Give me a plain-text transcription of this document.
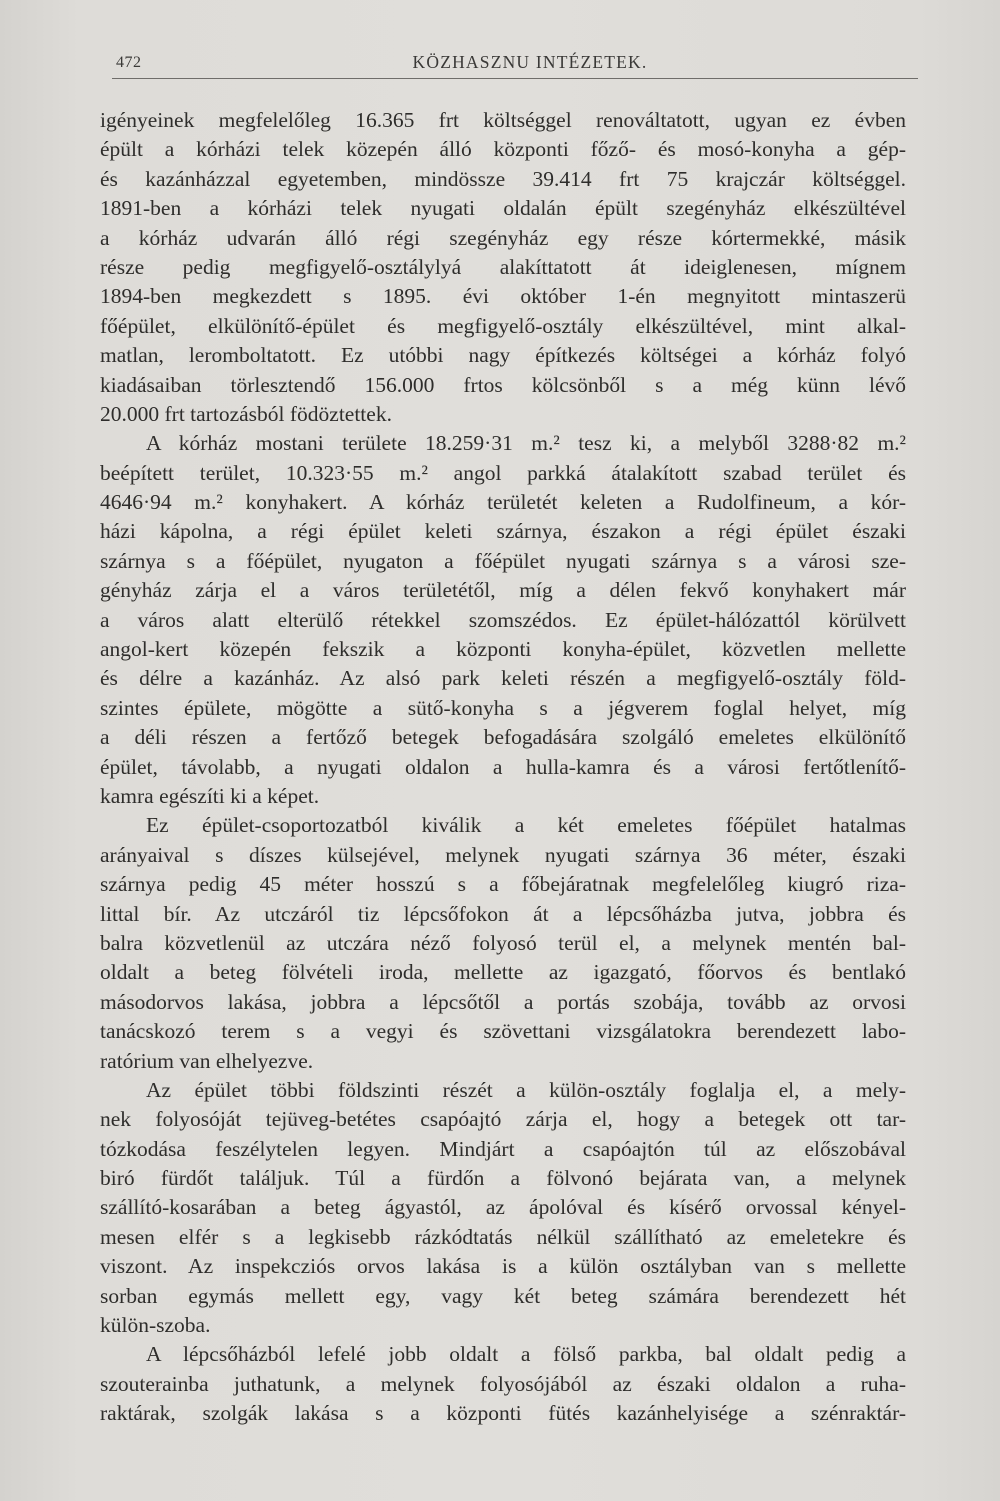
472	KÖZHASZNU INTÉZETEK.
igényeinek megfelelőleg 16.365 frt költséggel renováltatott, ugyan ez évben
épült a kórházi telek közepén álló központi főző- és mosó-konyha a gép-
és kazánházzal egyetemben, mindössze 39.414 frt 75 krajczár költséggel.
1891-ben a kórházi telek nyugati oldalán épült szegényház elkészültével
a kórház udvarán álló régi szegényház egy része kórtermekké, másik
része pedig megfigyelő-osztálylyá alakíttatott át ideiglenesen, mígnem
1894-ben megkezdett s 1895. évi október 1-én megnyitott mintaszerü
főépület, elkülönítő-épület és megfigyelő-osztály elkészültével, mint alkal-
matlan, leromboltatott. Ez utóbbi nagy építkezés költségei a kórház folyó
kiadásaiban törlesztendő 156.000 frtos kölcsönből s a még künn lévő
20.000 frt tartozásból födöztettek.
A kórház mostani területe 18.259·31 m.² tesz ki, a melyből 3288·82 m.²
beépített terület, 10.323·55 m.² angol parkká átalakított szabad terület és
4646·94 m.² konyhakert. A kórház területét keleten a Rudolfineum, a kór-
házi kápolna, a régi épület keleti szárnya, északon a régi épület északi
szárnya s a főépület, nyugaton a főépület nyugati szárnya s a városi sze-
gényház zárja el a város területétől, míg a délen fekvő konyhakert már
a város alatt elterülő rétekkel szomszédos. Ez épület-hálózattól körülvett
angol-kert közepén fekszik a központi konyha-épület, közvetlen mellette
és délre a kazánház. Az alsó park keleti részén a megfigyelő-osztály föld-
szintes épülete, mögötte a sütő-konyha s a jégverem foglal helyet, míg
a déli részen a fertőző betegek befogadására szolgáló emeletes elkülönítő
épület, távolabb, a nyugati oldalon a hulla-kamra és a városi fertőtlenítő-
kamra egészíti ki a képet.
Ez épület-csoportozatból kiválik a két emeletes főépület hatalmas
arányaival s díszes külsejével, melynek nyugati szárnya 36 méter, északi
szárnya pedig 45 méter hosszú s a főbejáratnak megfelelőleg kiugró riza-
littal bír. Az utczáról tiz lépcsőfokon át a lépcsőházba jutva, jobbra és
balra közvetlenül az utczára néző folyosó terül el, a melynek mentén bal-
oldalt a beteg fölvételi iroda, mellette az igazgató, főorvos és bentlakó
másodorvos lakása, jobbra a lépcsőtől a portás szobája, tovább az orvosi
tanácskozó terem s a vegyi és szövettani vizsgálatokra berendezett labo-
ratórium van elhelyezve.
Az épület többi földszinti részét a külön-osztály foglalja el, a mely-
nek folyosóját tejüveg-betétes csapóajtó zárja el, hogy a betegek ott tar-
tózkodása feszélytelen legyen. Mindjárt a csapóajtón túl az előszobával
biró fürdőt találjuk. Túl a fürdőn a fölvonó bejárata van, a melynek
szállító-kosarában a beteg ágyastól, az ápolóval és kísérő orvossal kényel-
mesen elfér s a legkisebb rázkódtatás nélkül szállítható az emeletekre és
viszont. Az inspekcziós orvos lakása is a külön osztályban van s mellette
sorban egymás mellett egy, vagy két beteg számára berendezett hét
külön-szoba.
A lépcsőházból lefelé jobb oldalt a fölső parkba, bal oldalt pedig a
szouterainba juthatunk, a melynek folyosójából az északi oldalon a ruha-
raktárak, szolgák lakása s a központi fütés kazánhelyisége a szénraktár-
